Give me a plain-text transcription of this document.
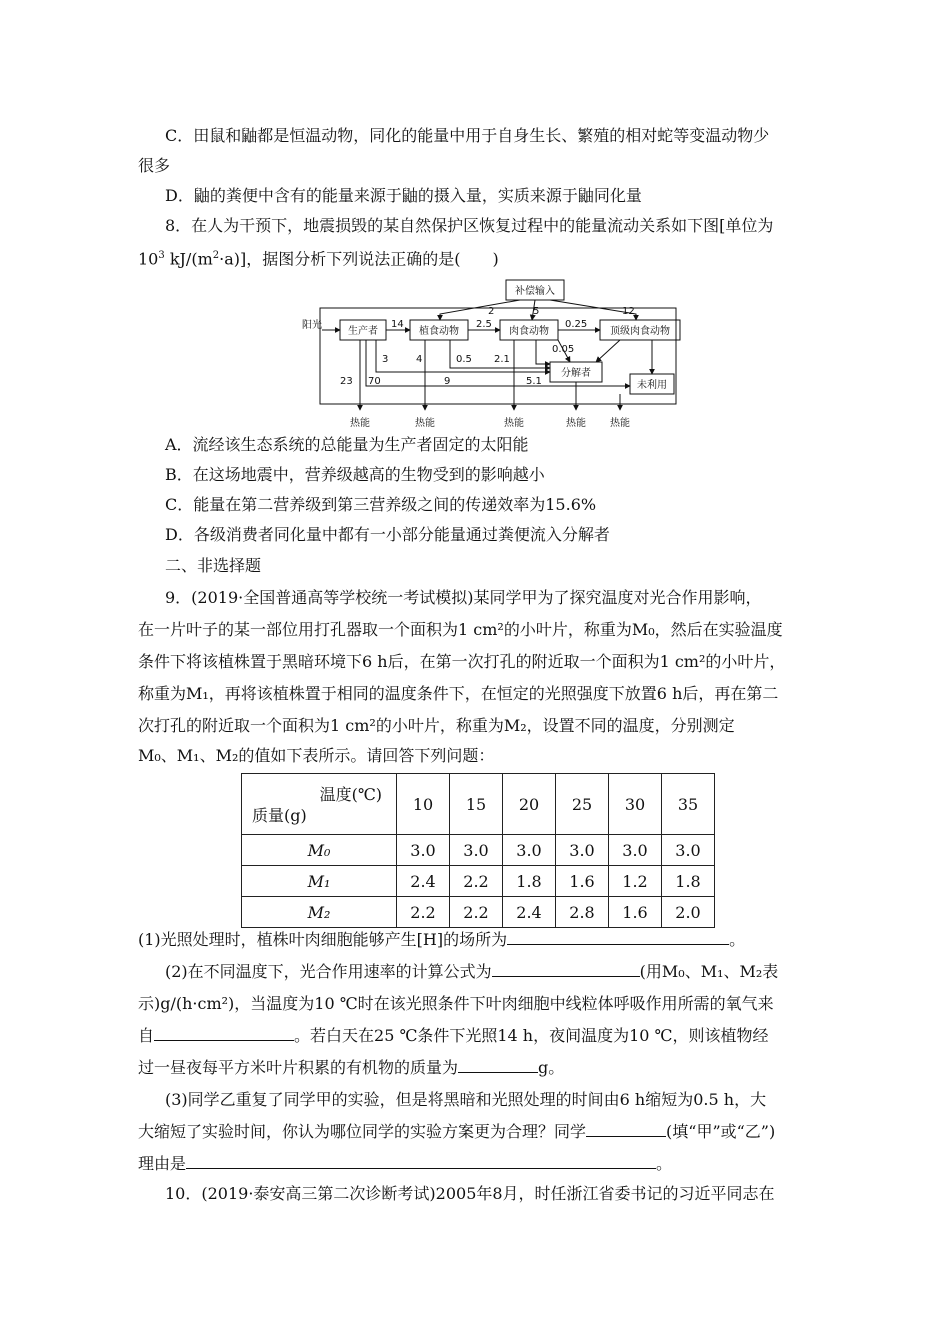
C．田鼠和鼬都是恒温动物，同化的能量中用于自身生长、繁殖的相对蛇等变温动物少
很多
D．鼬的粪便中含有的能量来源于鼬的摄入量，实质来源于鼬同化量
8．在人为干预下，地震损毁的某自然保护区恢复过程中的能量流动关系如下图[单位为
$10^3$ $kJ/(m^2\cdot a)$]，据图分析下列说法正确的是(　　)
阳光
补偿输入
生产者	植食动物	肉食动物	顶级肉食动物
分解者
未利用
14
2	5	12
2.5	0.25
3	4	0.5 2.1
0.05
23 70	9	5.1
热能	热能	热能	热能 热能
A．流经该生态系统的总能量为生产者固定的太阳能
B．在这场地震中，营养级越高的生物受到的影响越小
C．能量在第二营养级到第三营养级之间的传递效率为15.6%
D．各级消费者同化量中都有一小部分能量通过粪便流入分解者
二、非选择题
9．(2019·全国普通高等学校统一考试模拟)某同学甲为了探究温度对光合作用影响，
在一片叶子的某一部位用打孔器取一个面积为1 cm²的小叶片，称重为M₀，然后在实验温度
条件下将该植株置于黑暗环境下6 h后，在第一次打孔的附近取一个面积为1 cm²的小叶片，
称重为M₁，再将该植株置于相同的温度条件下，在恒定的光照强度下放置6 h后，再在第二
次打孔的附近取一个面积为1 cm²的小叶片，称重为M₂，设置不同的温度，分别测定
M₀、M₁、M₂的值如下表所示。请回答下列问题：
温度(℃)
质量(g)	10	15	20	25	30	35
M₀	3.0	3.0	3.0	3.0	3.0	3.0
M₁	2.4	2.2	1.8	1.6	1.2	1.8
M₂	2.2	2.2	2.4	2.8	1.6	2.0
(1)光照处理时，植株叶肉细胞能够产生[H]的场所为	。
(2)在不同温度下，光合作用速率的计算公式为	(用M₀、M₁、M₂表
示)g/(h·cm²)，当温度为10 ℃时在该光照条件下叶肉细胞中线粒体呼吸作用所需的氧气来
自	。若白天在25 ℃条件下光照14 h，夜间温度为10 ℃，则该植物经
过一昼夜每平方米叶片积累的有机物的质量为	g。
(3)同学乙重复了同学甲的实验，但是将黑暗和光照处理的时间由6 h缩短为0.5 h，大
大缩短了实验时间，你认为哪位同学的实验方案更为合理？同学	(填“甲”或“乙”)
理由是	。
10．(2019·泰安高三第二次诊断考试)2005年8月，时任浙江省委书记的习近平同志在
